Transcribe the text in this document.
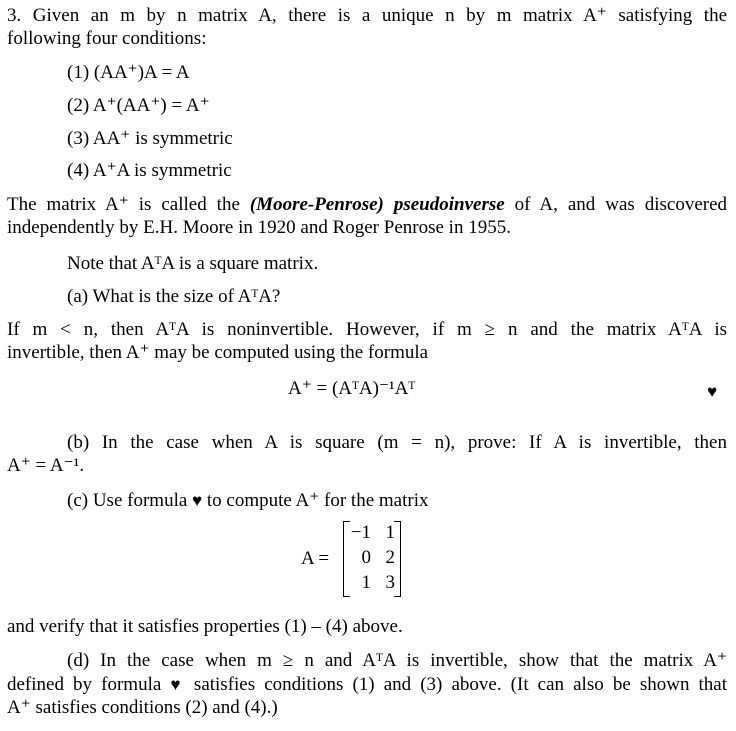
3. Given an m by n matrix A, there is a unique n by m matrix A⁺ satisfying the
following four conditions:
(1) (AA⁺)A = A
(2) A⁺(AA⁺) = A⁺
(3) AA⁺ is symmetric
(4) A⁺A is symmetric
The matrix A⁺ is called the (Moore-Penrose) pseudoinverse of A, and was discovered
independently by E.H. Moore in 1920 and Roger Penrose in 1955.
Note that AᵀA is a square matrix.
(a) What is the size of AᵀA?
If m < n, then AᵀA is noninvertible. However, if m ≥ n and the matrix AᵀA is
invertible, then A⁺ may be computed using the formula
A⁺ = (AᵀA)⁻¹Aᵀ	♥
(b) In the case when A is square (m = n), prove: If A is invertible, then
A⁺ = A⁻¹.
(c) Use formula ♥ to compute A⁺ for the matrix
A =
−1 1
0 2
1 3
and verify that it satisfies properties (1) – (4) above.
(d) In the case when m ≥ n and AᵀA is invertible, show that the matrix A⁺
defined by formula ♥ satisfies conditions (1) and (3) above. (It can also be shown that
A⁺ satisfies conditions (2) and (4).)
